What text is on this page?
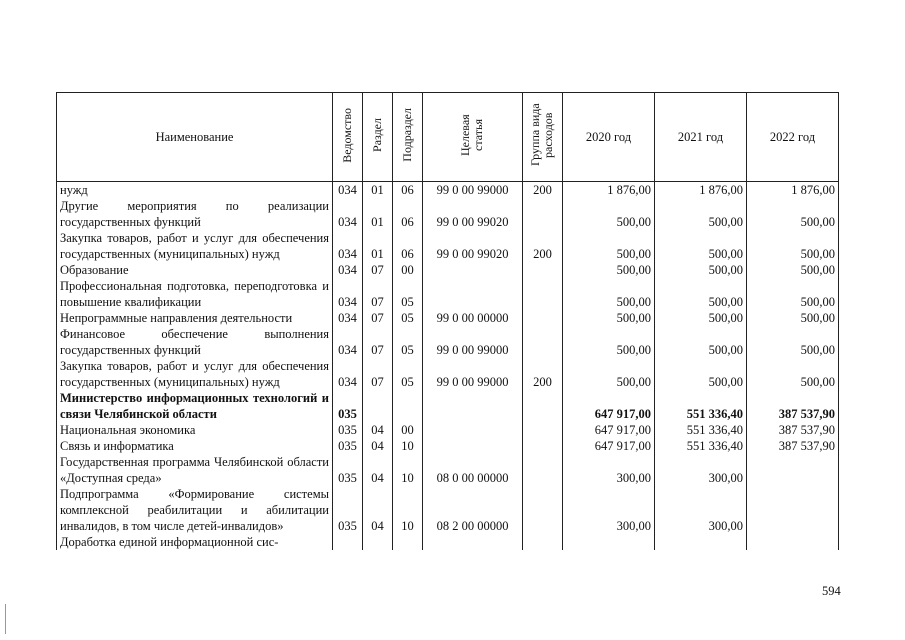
Наименование	Ведомство	Раздел	Подраздел	Целевая статья	Группа вида расходов	2020 год	2021 год	2022 год
нужд	034	01	06	99 0 00 99000	200	1 876,00	1 876,00	1 876,00
Другие мероприятия по реализации государственных функций	034	01	06	99 0 00 99020		500,00	500,00	500,00
Закупка товаров, работ и услуг для обеспечения государственных (муниципальных) нужд	034	01	06	99 0 00 99020	200	500,00	500,00	500,00
Образование	034	07	00			500,00	500,00	500,00
Профессиональная подготовка, переподготовка и повышение квалификации	034	07	05			500,00	500,00	500,00
Непрограммные направления деятельности	034	07	05	99 0 00 00000		500,00	500,00	500,00
Финансовое обеспечение выполнения государственных функций	034	07	05	99 0 00 99000		500,00	500,00	500,00
Закупка товаров, работ и услуг для обеспечения государственных (муниципальных) нужд	034	07	05	99 0 00 99000	200	500,00	500,00	500,00
Министерство информационных технологий и связи Челябинской области	035					647 917,00	551 336,40	387 537,90
Национальная экономика	035	04	00			647 917,00	551 336,40	387 537,90
Связь и информатика	035	04	10			647 917,00	551 336,40	387 537,90
Государственная программа Челябинской области «Доступная среда»	035	04	10	08 0 00 00000		300,00	300,00	
Подпрограмма «Формирование системы комплексной реабилитации и абилитации инвалидов, в том числе детей-инвалидов»	035	04	10	08 2 00 00000		300,00	300,00	
Доработка единой информационной сис-								
594
